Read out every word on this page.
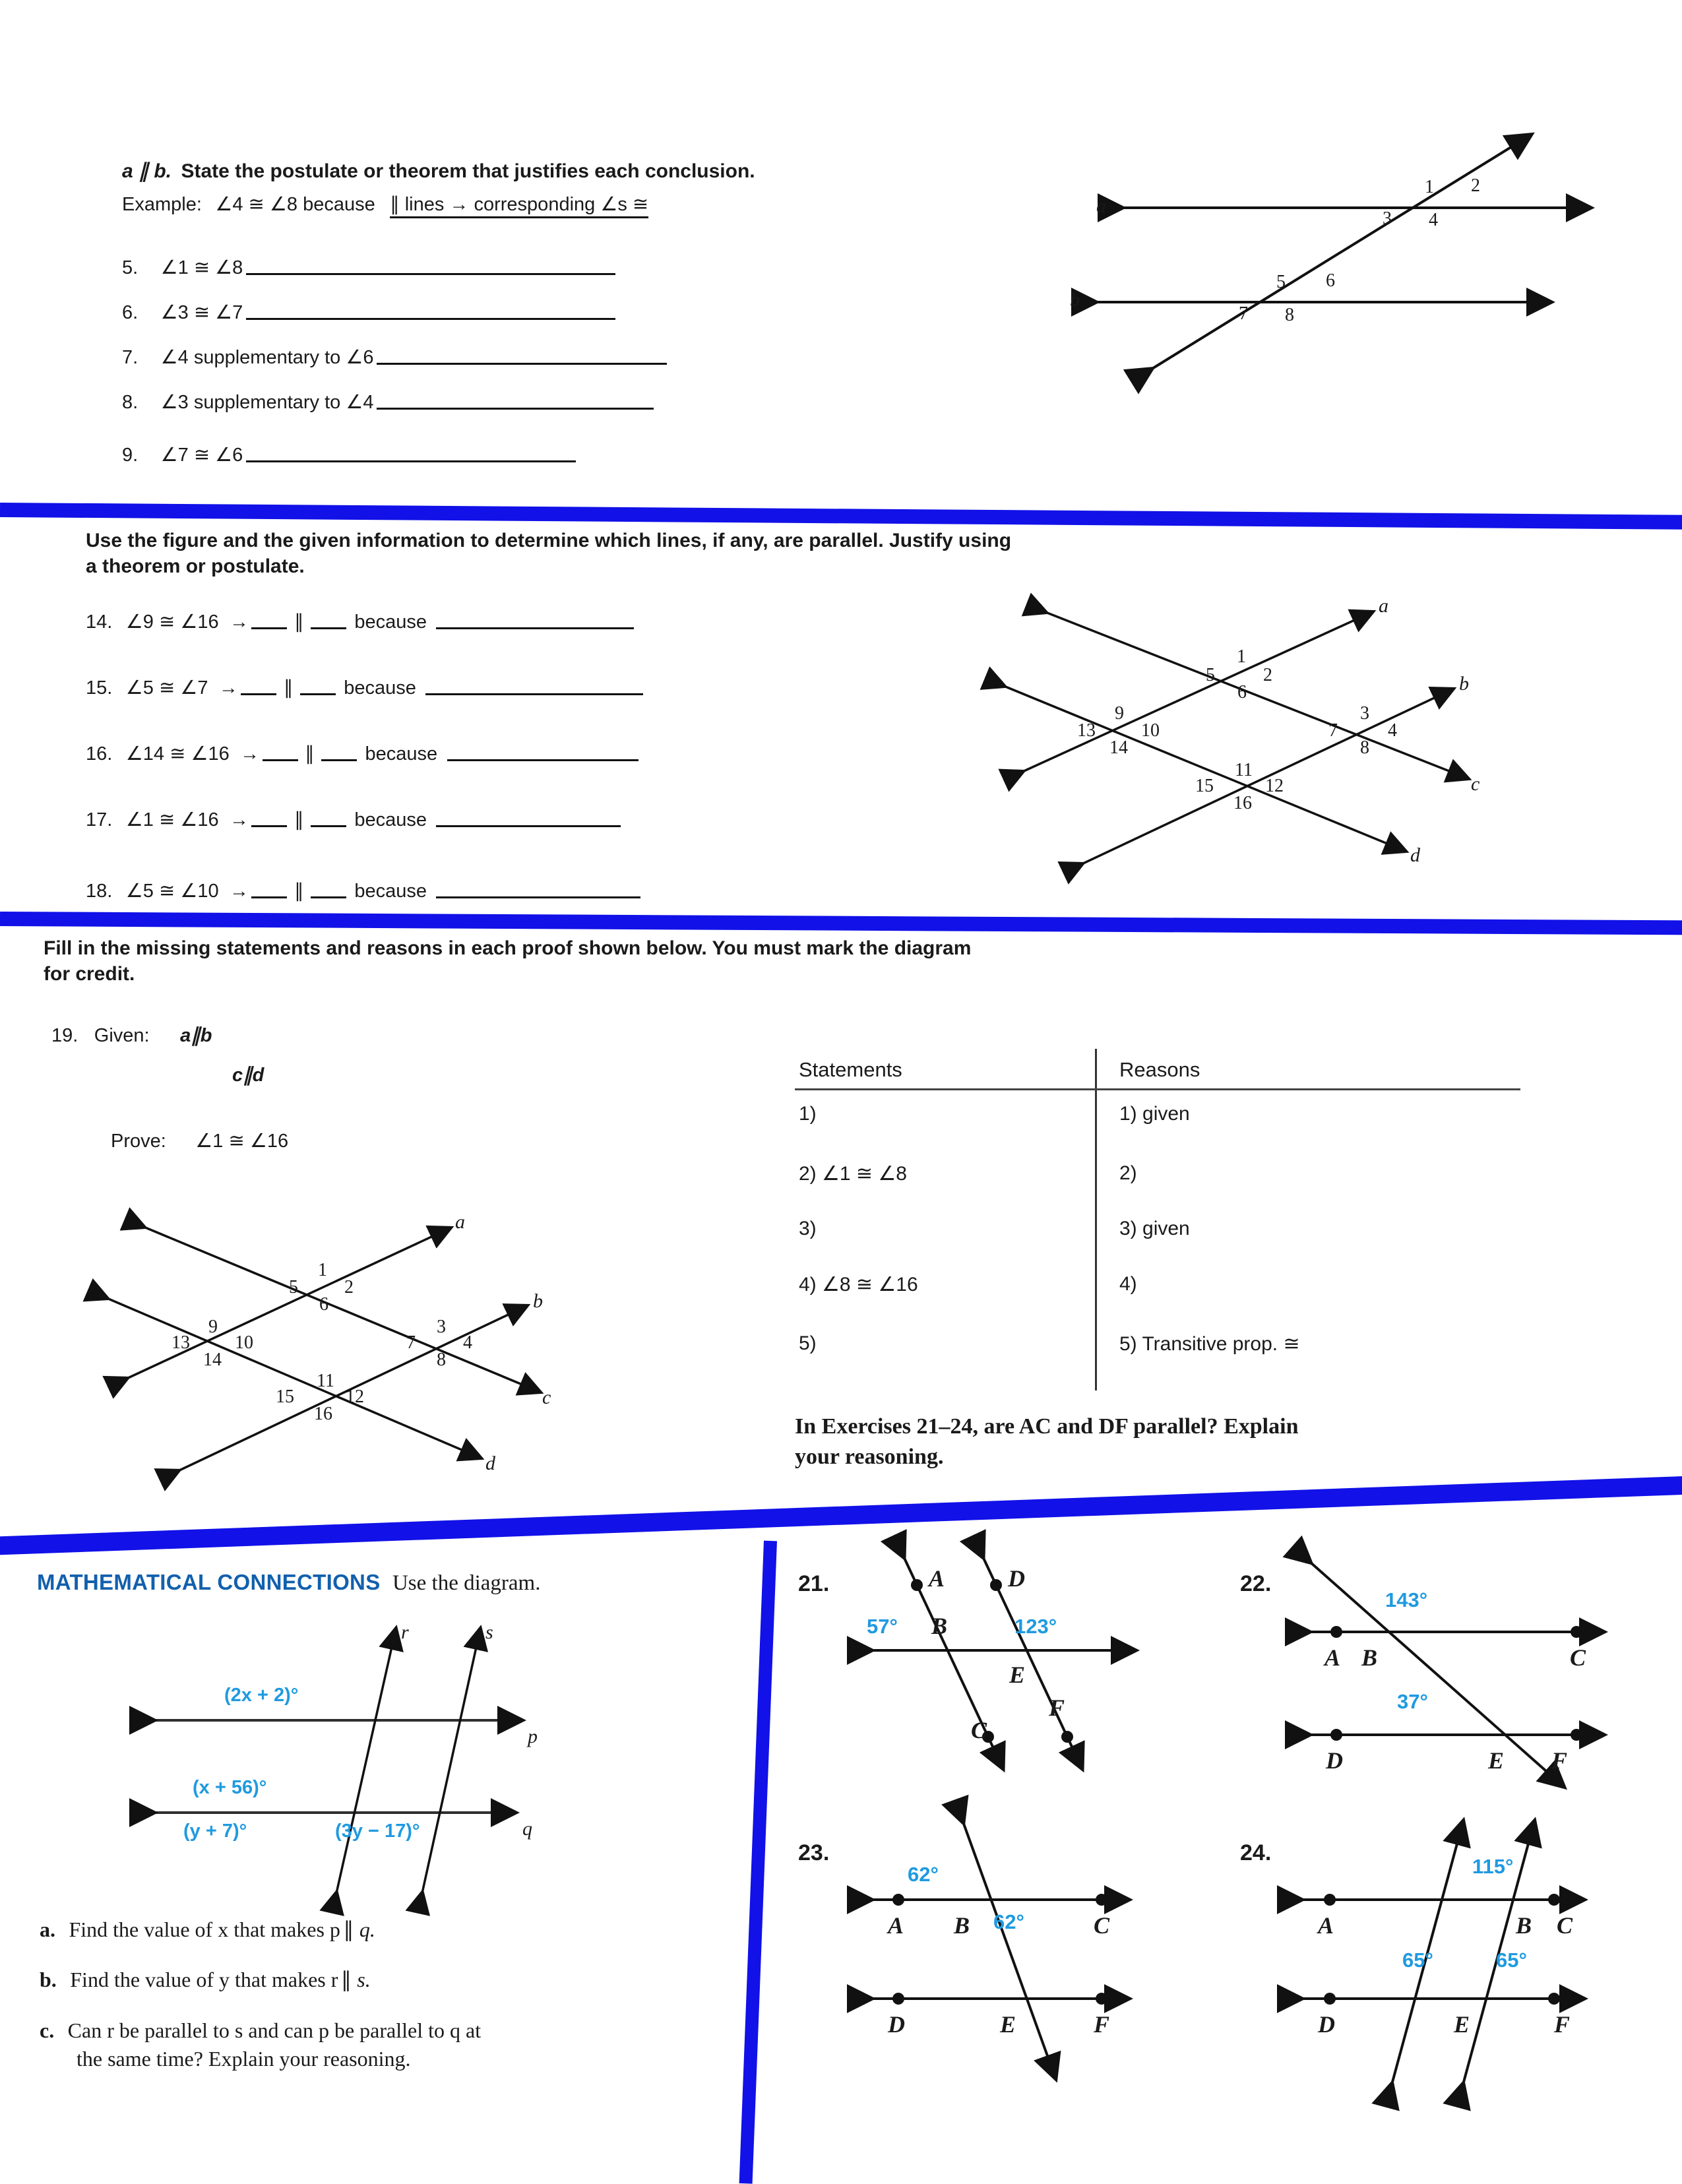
a ∥ b. State the postulate or theorem that justifies each conclusion.
Example: ∠4 ≅ ∠8 because ∥ lines → corresponding ∠s ≅
5. ∠1 ≅ ∠8
6. ∠3 ≅ ∠7
7. ∠4 supplementary to ∠6
8. ∠3 supplementary to ∠4
9. ∠7 ≅ ∠6
a
b
1 2
3 4
5 6
7 8
Use the figure and the given information to determine which lines, if any, are parallel. Justify using
a theorem or postulate.
14. ∠9 ≅ ∠16 → ∥	because
15. ∠5 ≅ ∠7 → ∥	because
16. ∠14 ≅ ∠16 → ∥	because
17. ∠1 ≅ ∠16 → ∥	because
18. ∠5 ≅ ∠10 → ∥	because
a
b
c
d
1
2
5
6
9
10
13
14
3
4
7
8
11
12
15
16
Fill in the missing statements and reasons in each proof shown below. You must mark the diagram
for credit.
19. Given: a∥b
c∥d
Prove: ∠1 ≅ ∠16
a
b
c
d
1
2
5
6
9
10
13
14
3
4
7
8
11
12
15
16
Statements	Reasons
1)	1) given
2) ∠1 ≅ ∠8	2)
3)	3) given
4) ∠8 ≅ ∠16	4)
5)	5) Transitive prop. ≅
In Exercises 21–24, are AC and DF parallel? Explain
your reasoning.
MATHEMATICAL CONNECTIONS Use the diagram.
r	s
p
q
(2x + 2)°
(x + 56)°
(y + 7)°	(3y − 17)°
a. Find the value of x that makes p ∥ q.
b. Find the value of y that makes r ∥ s.
c. Can r be parallel to s and can p be parallel to q at
the same time? Explain your reasoning.
21.	A
B
C
D
E
F
57°	123°
22.
A B	C
D	E F
143°
37°
23.
A B	C
D	E	F
62°
62°
24.
A	B C
D	E	F
115°
65°	65°
